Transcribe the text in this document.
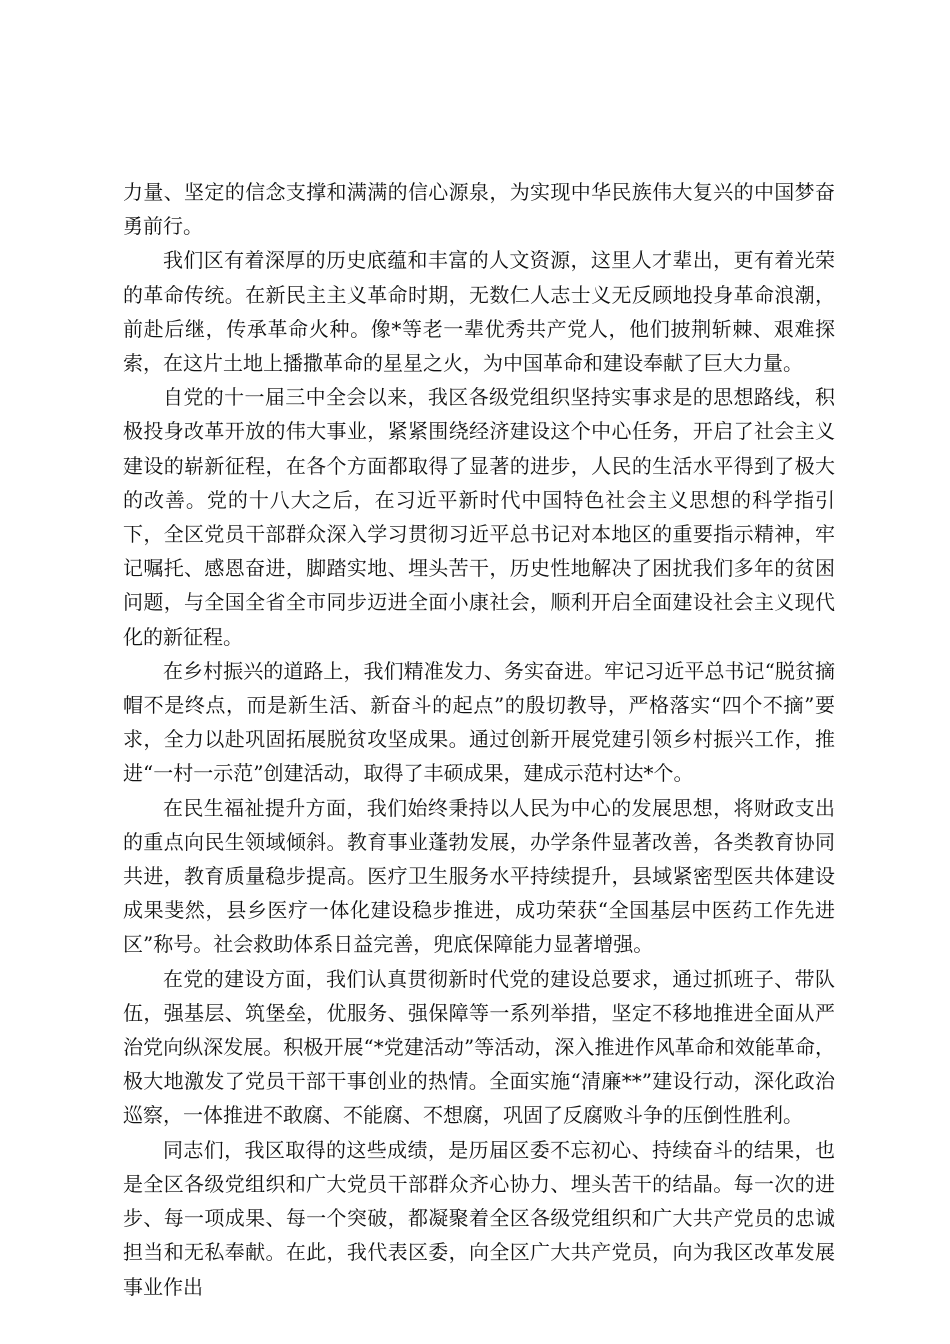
力量、坚定的信念支撑和满满的信心源泉，为实现中华民族伟大复兴的中国梦奋勇前行。

我们区有着深厚的历史底蕴和丰富的人文资源，这里人才辈出，更有着光荣的革命传统。在新民主主义革命时期，无数仁人志士义无反顾地投身革命浪潮，前赴后继，传承革命火种。像*等老一辈优秀共产党人，他们披荆斩棘、艰难探索，在这片土地上播撒革命的星星之火，为中国革命和建设奉献了巨大力量。

自党的十一届三中全会以来，我区各级党组织坚持实事求是的思想路线，积极投身改革开放的伟大事业，紧紧围绕经济建设这个中心任务，开启了社会主义建设的崭新征程，在各个方面都取得了显著的进步，人民的生活水平得到了极大的改善。党的十八大之后，在习近平新时代中国特色社会主义思想的科学指引下，全区党员干部群众深入学习贯彻习近平总书记对本地区的重要指示精神，牢记嘱托、感恩奋进，脚踏实地、埋头苦干，历史性地解决了困扰我们多年的贫困问题，与全国全省全市同步迈进全面小康社会，顺利开启全面建设社会主义现代化的新征程。

在乡村振兴的道路上，我们精准发力、务实奋进。牢记习近平总书记“脱贫摘帽不是终点，而是新生活、新奋斗的起点”的殷切教导，严格落实“四个不摘”要求，全力以赴巩固拓展脱贫攻坚成果。通过创新开展党建引领乡村振兴工作，推进“一村一示范”创建活动，取得了丰硕成果，建成示范村达*个。

在民生福祉提升方面，我们始终秉持以人民为中心的发展思想，将财政支出的重点向民生领域倾斜。教育事业蓬勃发展，办学条件显著改善，各类教育协同共进，教育质量稳步提高。医疗卫生服务水平持续提升，县域紧密型医共体建设成果斐然，县乡医疗一体化建设稳步推进，成功荣获“全国基层中医药工作先进区”称号。社会救助体系日益完善，兜底保障能力显著增强。

在党的建设方面，我们认真贯彻新时代党的建设总要求，通过抓班子、带队伍，强基层、筑堡垒，优服务、强保障等一系列举措，坚定不移地推进全面从严治党向纵深发展。积极开展“*党建活动”等活动，深入推进作风革命和效能革命，极大地激发了党员干部干事创业的热情。全面实施“清廉**”建设行动，深化政治巡察，一体推进不敢腐、不能腐、不想腐，巩固了反腐败斗争的压倒性胜利。

同志们，我区取得的这些成绩，是历届区委不忘初心、持续奋斗的结果，也是全区各级党组织和广大党员干部群众齐心协力、埋头苦干的结晶。每一次的进步、每一项成果、每一个突破，都凝聚着全区各级党组织和广大共产党员的忠诚担当和无私奉献。在此，我代表区委，向全区广大共产党员，向为我区改革发展事业作出
